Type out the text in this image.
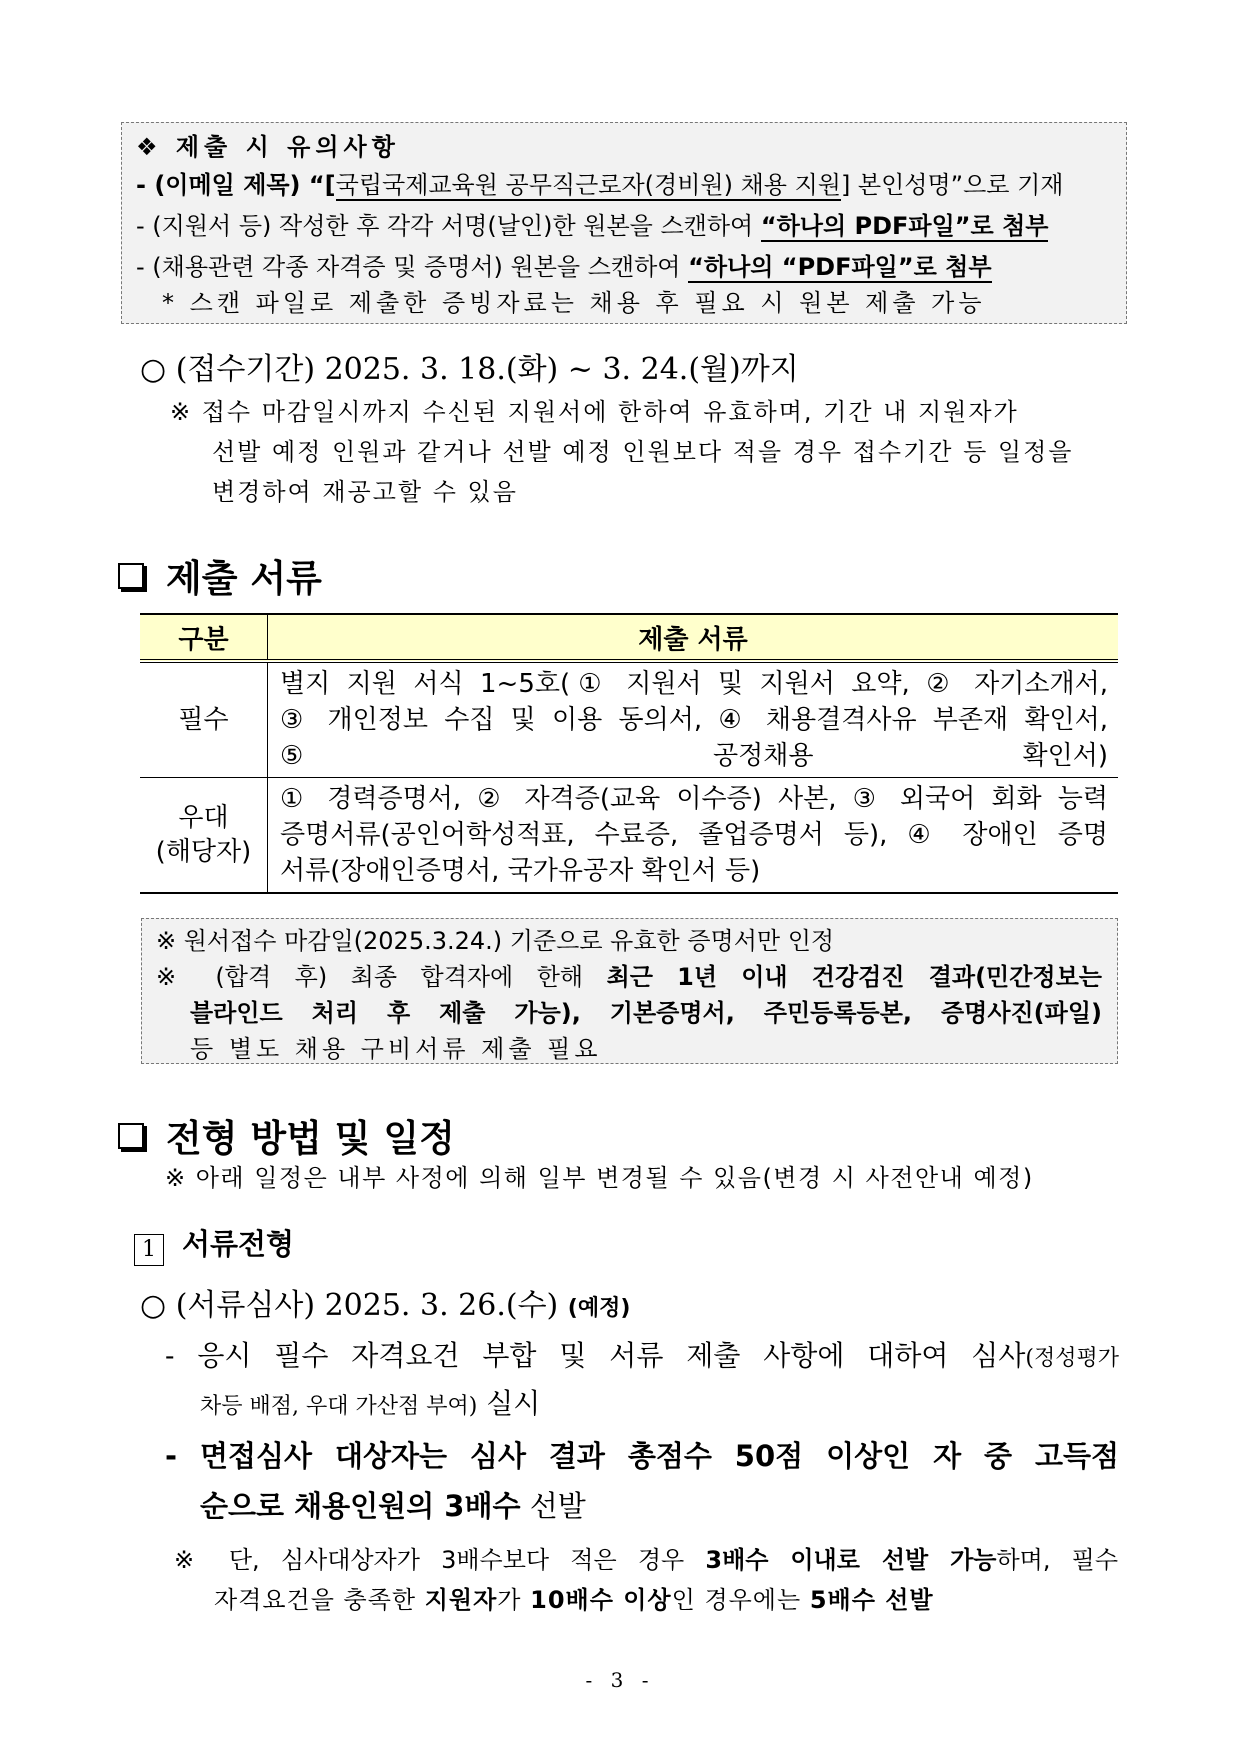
❖ 제출 시 유의사항
- (이메일 제목) “[국립국제교육원 공무직근로자(경비원) 채용 지원] 본인성명”으로 기재
- (지원서 등) 작성한 후 각각 서명(날인)한 원본을 스캔하여 “하나의 PDF파일”로 첨부
- (채용관련 각종 자격증 및 증명서) 원본을 스캔하여 “하나의 “PDF파일”로 첨부
* 스캔 파일로 제출한 증빙자료는 채용 후 필요 시 원본 제출 가능
○ (접수기간) 2025. 3. 18.(화) ~ 3. 24.(월)까지
※ 접수 마감일시까지 수신된 지원서에 한하여 유효하며, 기간 내 지원자가
선발 예정 인원과 같거나 선발 예정 인원보다 적을 경우 접수기간 등 일정을
변경하여 재공고할 수 있음
제출 서류
구분	제출 서류
필수	별지 지원 서식 1~5호(① 지원서 및 지원서 요약, ② 자기소개서,
③ 개인정보 수집 및 이용 동의서, ④ 채용결격사유 부존재 확인서,
⑤ 공정채용 확인서)

우대
(해당자)	① 경력증명서, ② 자격증(교육 이수증) 사본, ③ 외국어 회화 능력
증명서류(공인어학성적표, 수료증, 졸업증명서 등), ④ 장애인 증명
서류(장애인증명서, 국가유공자 확인서 등)
※ 원서접수 마감일(2025.3.24.) 기준으로 유효한 증명서만 인정
※ (합격 후) 최종 합격자에 한해 최근 1년 이내 건강검진 결과(민간정보는
블라인드 처리 후 제출 가능), 기본증명서, 주민등록등본, 증명사진(파일)
등 별도 채용 구비서류 제출 필요
전형 방법 및 일정
※ 아래 일정은 내부 사정에 의해 일부 변경될 수 있음(변경 시 사전안내 예정)
1 서류전형
○ (서류심사) 2025. 3. 26.(수) (예정)
- 응시 필수 자격요건 부합 및 서류 제출 사항에 대하여 심사(정성평가
차등 배점, 우대 가산점 부여) 실시
- 면접심사 대상자는 심사 결과 총점수 50점 이상인 자 중 고득점
순으로 채용인원의 3배수 선발
※ 단, 심사대상자가 3배수보다 적은 경우 3배수 이내로 선발 가능하며, 필수
자격요건을 충족한 지원자가 10배수 이상인 경우에는 5배수 선발
- 3 -
